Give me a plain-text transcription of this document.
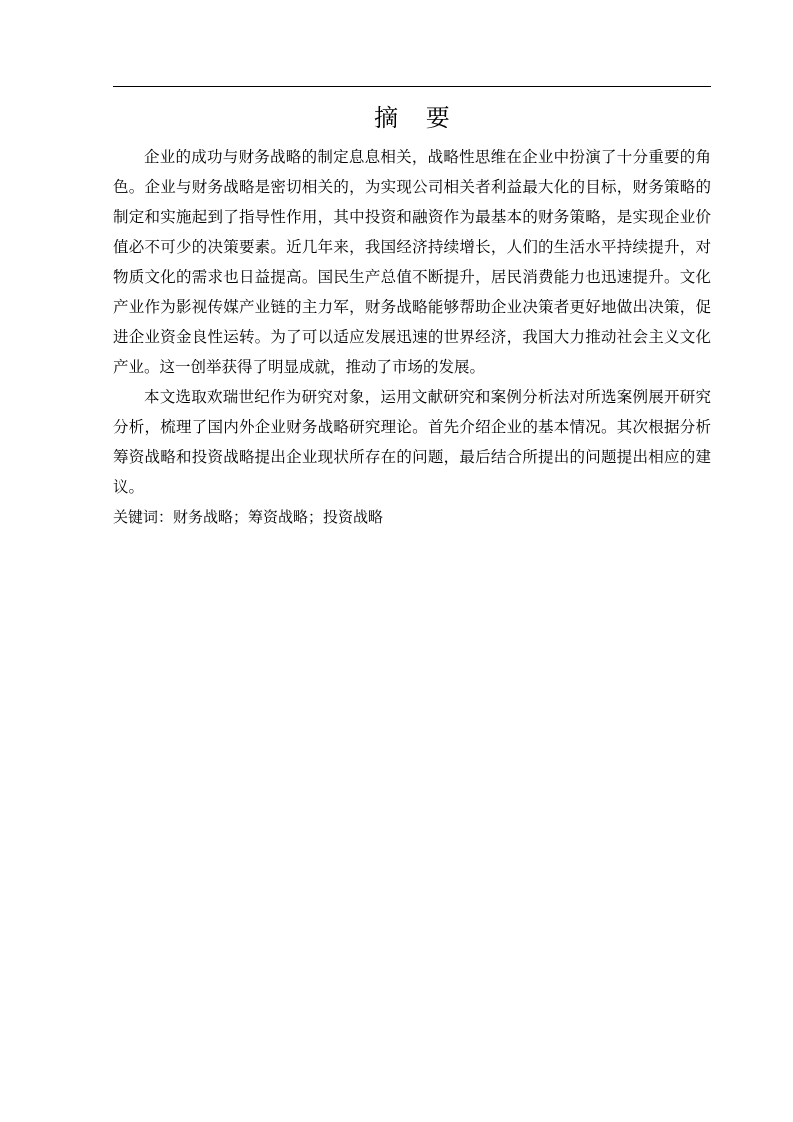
摘 要

企业的成功与财务战略的制定息息相关，战略性思维在企业中扮演了十分重要的角色。企业与财务战略是密切相关的，为实现公司相关者利益最大化的目标，财务策略的制定和实施起到了指导性作用，其中投资和融资作为最基本的财务策略，是实现企业价值必不可少的决策要素。近几年来，我国经济持续增长，人们的生活水平持续提升，对物质文化的需求也日益提高。国民生产总值不断提升，居民消费能力也迅速提升。文化产业作为影视传媒产业链的主力军，财务战略能够帮助企业决策者更好地做出决策，促进企业资金良性运转。为了可以适应发展迅速的世界经济，我国大力推动社会主义文化产业。这一创举获得了明显成就，推动了市场的发展。

本文选取欢瑞世纪作为研究对象，运用文献研究和案例分析法对所选案例展开研究分析，梳理了国内外企业财务战略研究理论。首先介绍企业的基本情况。其次根据分析筹资战略和投资战略提出企业现状所存在的问题，最后结合所提出的问题提出相应的建议。

关键词：财务战略；筹资战略；投资战略
